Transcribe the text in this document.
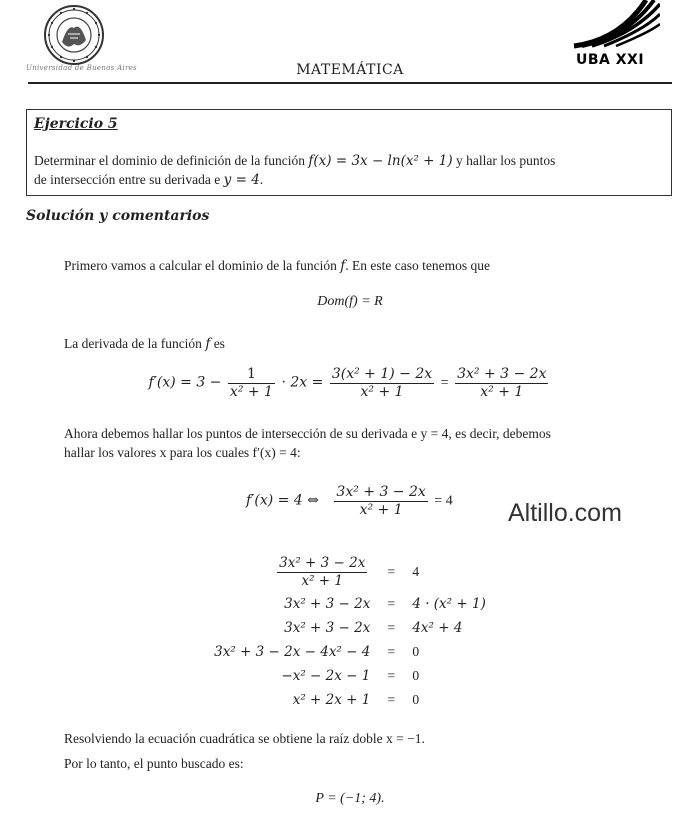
Universidad de Buenos Aires	MATEMÁTICA
UBA XXI
Ejercicio 5
Determinar el dominio de definición de la función f(x) = 3x − ln(x² + 1) y hallar los puntos
de intersección entre su derivada e y = 4.
Solución y comentarios
Primero vamos a calcular el dominio de la función f. En este caso tenemos que
Dom(f) = R
La derivada de la función f es
$f'(x) = 3 - \frac{1}{\text{x² + 1}} \cdot 2x = \frac{\text{3(x² + 1) − 2x}}{\text{x² + 1}} = \frac{\text{3x² + 3 − 2x}}{\text{x² + 1}}$
Ahora debemos hallar los puntos de intersección de su derivada e y = 4, es decir, debemos
hallar los valores x para los cuales f′(x) = 4:
f′(x) = 4 ⇔ $\frac{\text{3x² + 3 − 2x}}{\text{x² + 1}} = 4$ Altillo.com
$\frac{\text{3x² + 3 − 2x}}{\text{x² + 1}}$	=	4
3x² + 3 − 2x	=	4 · (x² + 1)
3x² + 3 − 2x	=	4x² + 4
3x² + 3 − 2x − 4x² − 4	=	0
−x² − 2x − 1	=	0
x² + 2x + 1	=	0
Resolviendo la ecuación cuadrática se obtiene la raíz doble x = −1.
Por lo tanto, el punto buscado es:
P = (−1; 4).
